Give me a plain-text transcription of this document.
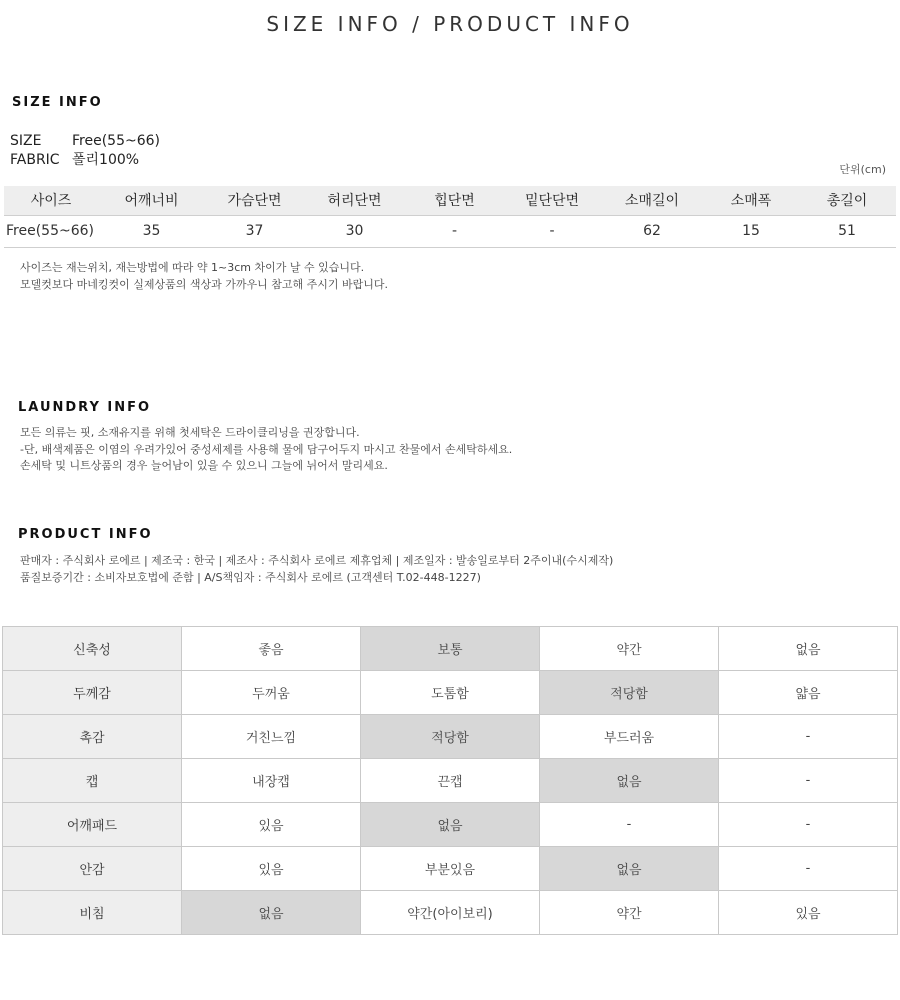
SIZE INFO / PRODUCT INFO
SIZE INFO
SIZE Free(55~66)
FABRIC 폴리100%
단위(cm)
사이즈	어깨너비	가슴단면	허리단면	힙단면	밑단단면	소매길이	소매폭	총길이
Free(55~66)	35	37	30	-	-	62	15	51
사이즈는 재는위치, 재는방법에 따라 약 1~3cm 차이가 날 수 있습니다.
모델컷보다 마네킹컷이 실제상품의 색상과 가까우니 참고해 주시기 바랍니다.
LAUNDRY INFO
모든 의류는 핏, 소재유지를 위해 첫세탁은 드라이클리닝을 권장합니다.
-단, 배색제품은 이염의 우려가있어 중성세제를 사용해 물에 담구어두지 마시고 찬물에서 손세탁하세요.
손세탁 및 니트상품의 경우 늘어남이 있을 수 있으니 그늘에 뉘어서 말리세요.
PRODUCT INFO
판매자 : 주식회사 로에르 | 제조국 : 한국 | 제조사 : 주식회사 로에르 제휴업체 | 제조일자 : 발송일로부터 2주이내(수시제작)
품질보증기간 : 소비자보호법에 준함 | A/S책임자 : 주식회사 로에르 (고객센터 T.02-448-1227)
신축성	좋음	보통	약간	없음
두께감	두꺼움	도톰함	적당함	얇음
촉감	거친느낌	적당함	부드러움	-
캡	내장캡	끈캡	없음	-
어깨패드	있음	없음	-	-
안감	있음	부분있음	없음	-
비침	없음	약간(아이보리)	약간	있음
